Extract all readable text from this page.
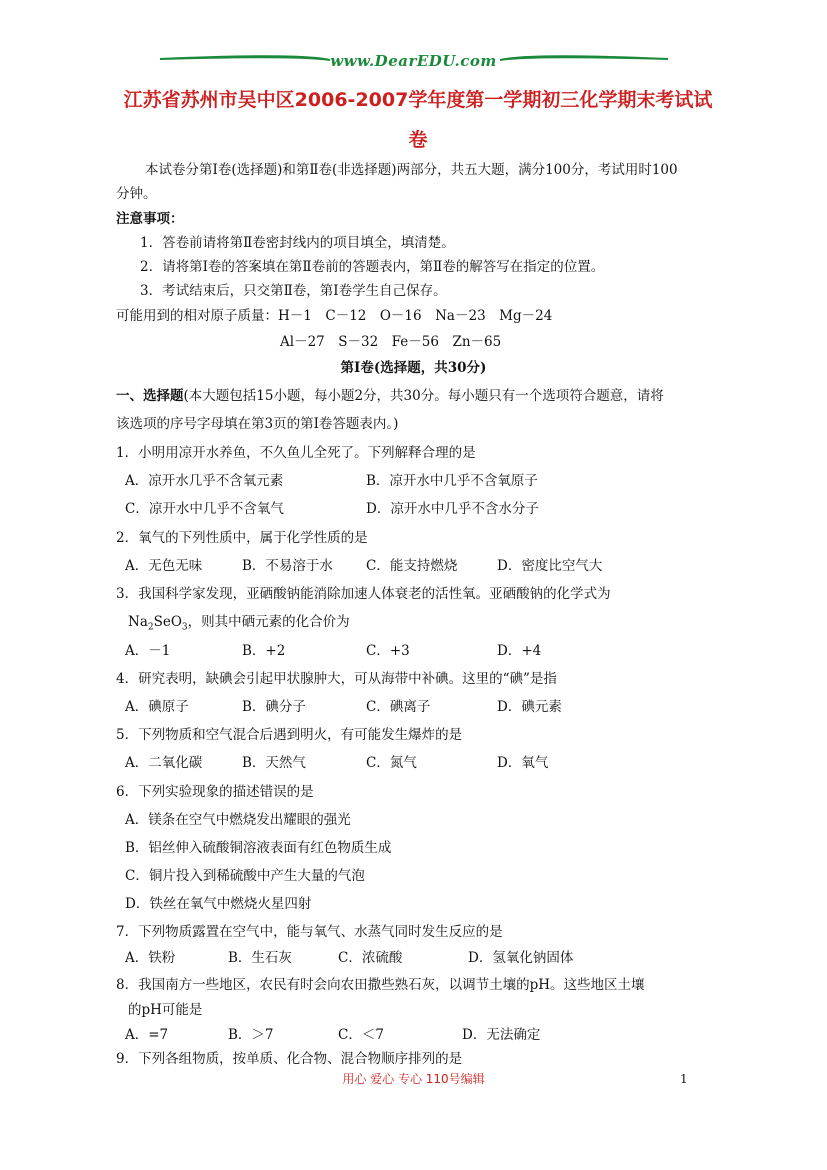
www.DearEDU.com
江苏省苏州市吴中区2006-2007学年度第一学期初三化学期末考试试
卷
本试卷分第Ⅰ卷(选择题)和第Ⅱ卷(非选择题)两部分，共五大题，满分100分，考试用时100
分钟。
注意事项：
1．答卷前请将第Ⅱ卷密封线内的项目填全，填清楚。
2．请将第Ⅰ卷的答案填在第Ⅱ卷前的答题表内，第Ⅱ卷的解答写在指定的位置。
3．考试结束后，只交第Ⅱ卷，第Ⅰ卷学生自己保存。
可能用到的相对原子质量：H－1　C－12　O－16　Na－23　Mg－24
Al－27　S－32　Fe－56　Zn－65
第Ⅰ卷(选择题，共30分)
一、选择题(本大题包括15小题，每小题2分，共30分。每小题只有一个选项符合题意，请将
该选项的序号字母填在第3页的第Ⅰ卷答题表内。)
1．小明用凉开水养鱼，不久鱼儿全死了。下列解释合理的是
A．凉开水几乎不含氧元素	B．凉开水中几乎不含氧原子
C．凉开水中几乎不含氧气	D．凉开水中几乎不含水分子
2．氧气的下列性质中，属于化学性质的是
A．无色无味	B．不易溶于水 C．能支持燃烧	D．密度比空气大
3．我国科学家发现，亚硒酸钠能消除加速人体衰老的活性氧。亚硒酸钠的化学式为
$Na_2SeO_3$，则其中硒元素的化合价为
A．－1	B．+2	C．+3	D．+4
4．研究表明，缺碘会引起甲状腺肿大，可从海带中补碘。这里的“碘”是指
A．碘原子	B．碘分子	C．碘离子	D．碘元素
5．下列物质和空气混合后遇到明火，有可能发生爆炸的是
A．二氧化碳	B．天然气	C．氮气	D．氧气
6．下列实验现象的描述错误的是
A．镁条在空气中燃烧发出耀眼的强光
B．铝丝伸入硫酸铜溶液表面有红色物质生成
C．铜片投入到稀硫酸中产生大量的气泡
D．铁丝在氧气中燃烧火星四射
7．下列物质露置在空气中，能与氧气、水蒸气同时发生反应的是
A．铁粉	B．生石灰	C．浓硫酸	D．氢氧化钠固体
8．我国南方一些地区，农民有时会向农田撒些熟石灰，以调节土壤的pH。这些地区土壤
的pH可能是
A．=7	B．＞7	C．＜7	D．无法确定
9．下列各组物质，按单质、化合物、混合物顺序排列的是
用心 爱心 专心 110号编辑	1
